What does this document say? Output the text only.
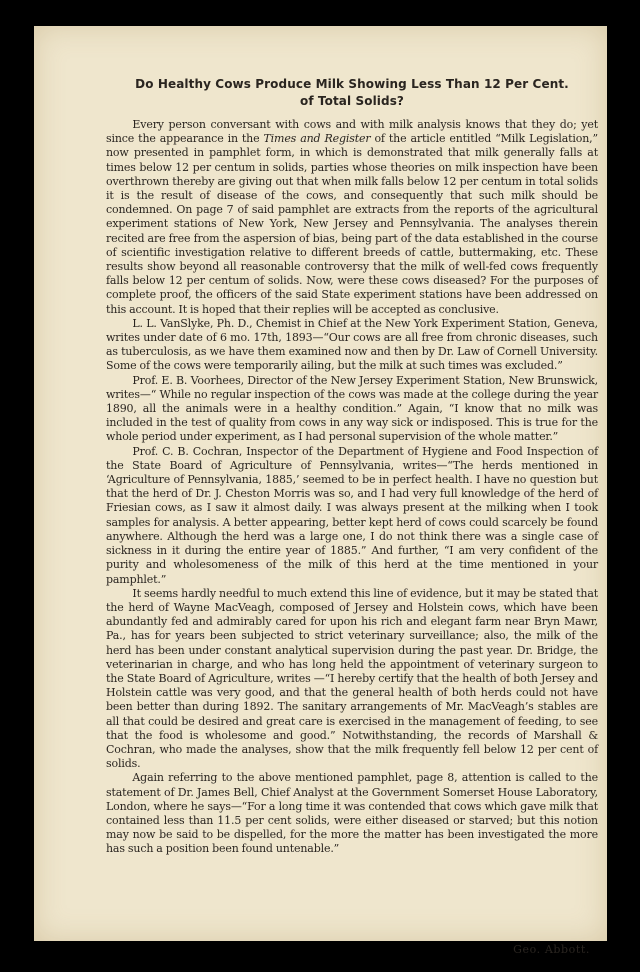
Do Healthy Cows Produce Milk Showing Less Than 12 Per Cent.
of Total Solids?

Every person conversant with cows and with milk analysis knows that they do; yet since the appearance in the Times and Register of the article entitled “Milk Legislation,” now presented in pamphlet form, in which is demonstrated that milk generally falls at times below 12 per centum in solids, parties whose theories on milk inspection have been overthrown thereby are giving out that when milk falls below 12 per centum in total solids it is the result of disease of the cows, and consequently that such milk should be condemned. On page 7 of said pamphlet are extracts from the reports of the agricultural experiment stations of New York, New Jersey and Pennsylvania. The analyses therein recited are free from the aspersion of bias, being part of the data established in the course of scientific investigation relative to different breeds of cattle, buttermaking, etc. These results show beyond all reasonable controversy that the milk of well-fed cows frequently falls below 12 per centum of solids. Now, were these cows diseased? For the purposes of complete proof, the officers of the said State experiment stations have been addressed on this account. It is hoped that their replies will be accepted as conclusive.

L. L. VanSlyke, Ph. D., Chemist in Chief at the New York Experiment Station, Geneva, writes under date of 6 mo. 17th, 1893—“Our cows are all free from chronic diseases, such as tuberculosis, as we have them examined now and then by Dr. Law of Cornell University. Some of the cows were temporarily ailing, but the milk at such times was excluded.”

Prof. E. B. Voorhees, Director of the New Jersey Experiment Station, New Brunswick, writes—“ While no regular inspection of the cows was made at the college during the year 1890, all the animals were in a healthy condition.” Again, “I know that no milk was included in the test of quality from cows in any way sick or indisposed. This is true for the whole period under experiment, as I had personal supervision of the whole matter.”

Prof. C. B. Cochran, Inspector of the Department of Hygiene and Food Inspection of the State Board of Agriculture of Pennsylvania, writes—“The herds mentioned in ‘Agriculture of Pennsylvania, 1885,’ seemed to be in perfect health. I have no question but that the herd of Dr. J. Cheston Morris was so, and I had very full knowledge of the herd of Friesian cows, as I saw it almost daily. I was always present at the milking when I took samples for analysis. A better appearing, better kept herd of cows could scarcely be found anywhere. Although the herd was a large one, I do not think there was a single case of sickness in it during the entire year of 1885.” And further, “I am very confident of the purity and wholesomeness of the milk of this herd at the time mentioned in your pamphlet.”

It seems hardly needful to much extend this line of evidence, but it may be stated that the herd of Wayne MacVeagh, composed of Jersey and Holstein cows, which have been abundantly fed and admirably cared for upon his rich and elegant farm near Bryn Mawr, Pa., has for years been subjected to strict veterinary surveillance; also, the milk of the herd has been under constant analytical supervision during the past year. Dr. Bridge, the veterinarian in charge, and who has long held the appointment of veterinary surgeon to the State Board of Agriculture, writes —“I hereby certify that the health of both Jersey and Holstein cattle was very good, and that the general health of both herds could not have been better than during 1892. The sanitary arrangements of Mr. MacVeagh’s stables are all that could be desired and great care is exercised in the management of feeding, to see that the food is wholesome and good.” Notwithstanding, the records of Marshall & Cochran, who made the analyses, show that the milk frequently fell below 12 per cent of solids.

Again referring to the above mentioned pamphlet, page 8, attention is called to the statement of Dr. James Bell, Chief Analyst at the Government Somerset House Laboratory, London, where he says—“For a long time it was contended that cows which gave milk that contained less than 11.5 per cent solids, were either diseased or starved; but this notion may now be said to be dispelled, for the more the matter has been investigated the more has such a position been found untenable.”

Geo. Abbott.
